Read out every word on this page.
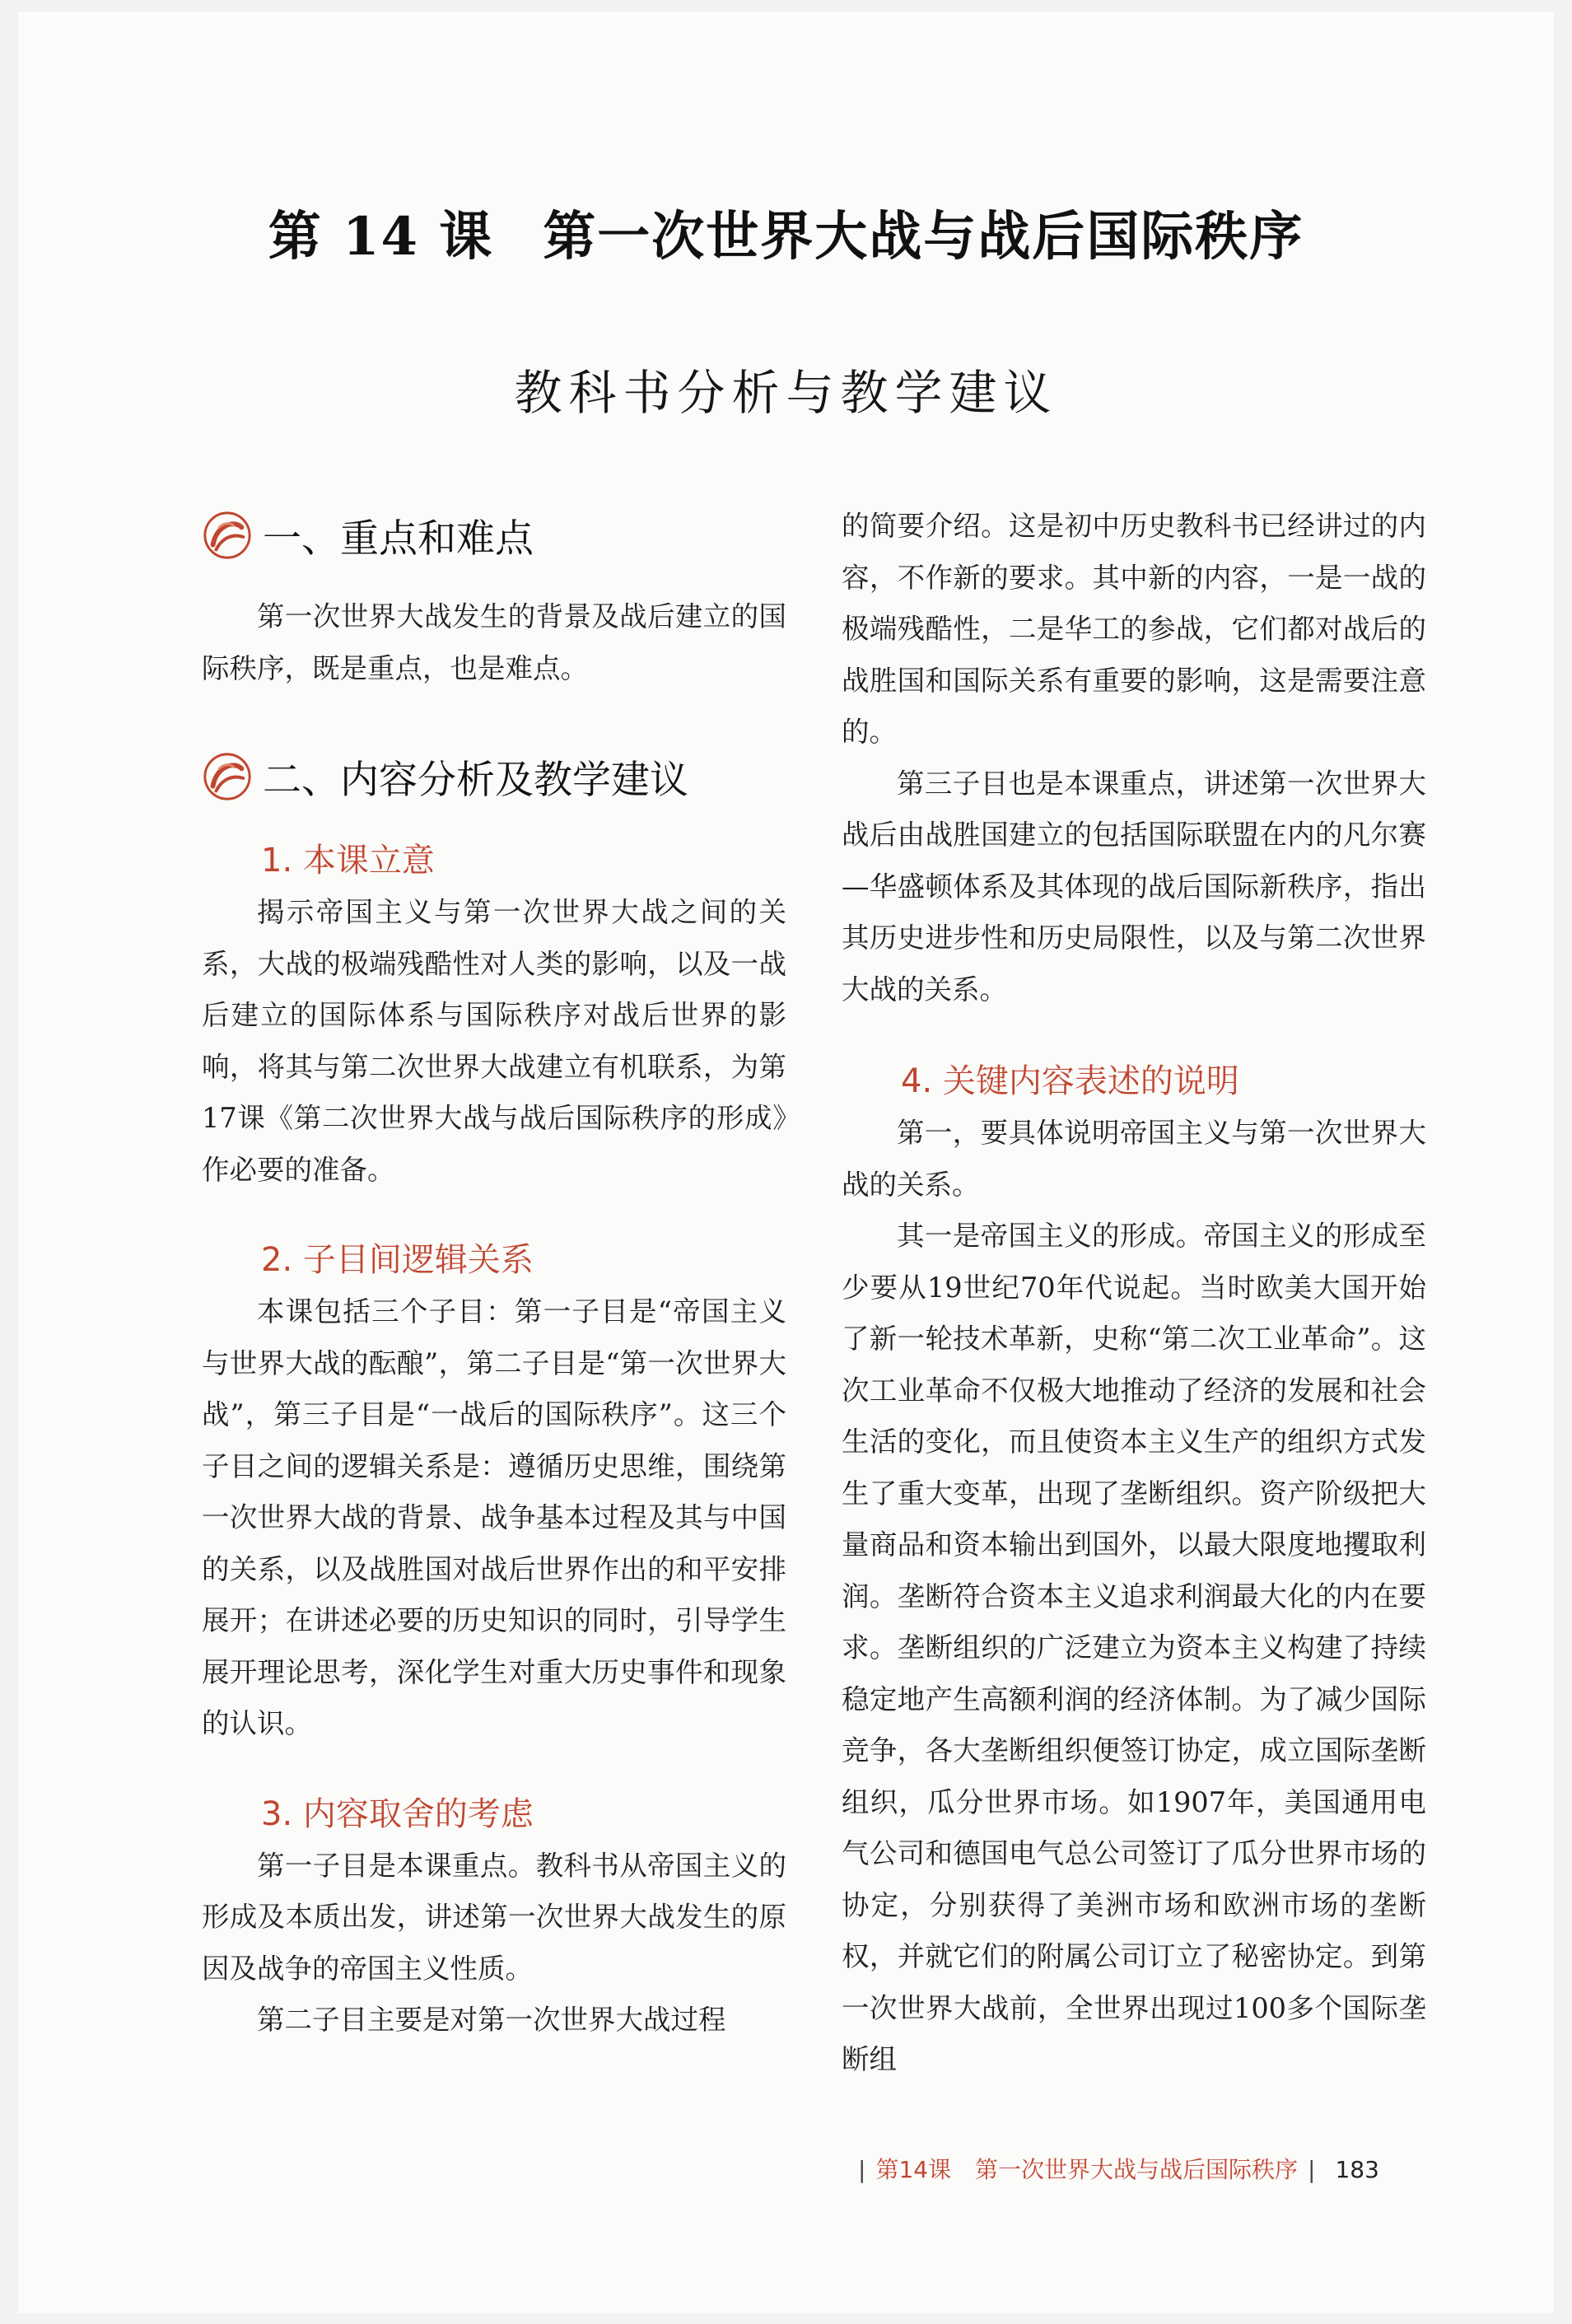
第 14 课 第一次世界大战与战后国际秩序
教科书分析与教学建议
一、重点和难点

第一次世界大战发生的背景及战后建立的国际秩序，既是重点，也是难点。

二、内容分析及教学建议
1. 本课立意

揭示帝国主义与第一次世界大战之间的关系，大战的极端残酷性对人类的影响，以及一战后建立的国际体系与国际秩序对战后世界的影响，将其与第二次世界大战建立有机联系，为第17课《第二次世界大战与战后国际秩序的形成》作必要的准备。

2. 子目间逻辑关系

本课包括三个子目：第一子目是“帝国主义与世界大战的酝酿”，第二子目是“第一次世界大战”，第三子目是“一战后的国际秩序”。这三个子目之间的逻辑关系是：遵循历史思维，围绕第一次世界大战的背景、战争基本过程及其与中国的关系，以及战胜国对战后世界作出的和平安排展开；在讲述必要的历史知识的同时，引导学生展开理论思考，深化学生对重大历史事件和现象的认识。

3. 内容取舍的考虑

第一子目是本课重点。教科书从帝国主义的形成及本质出发，讲述第一次世界大战发生的原因及战争的帝国主义性质。

第二子目主要是对第一次世界大战过程

的简要介绍。这是初中历史教科书已经讲过的内容，不作新的要求。其中新的内容，一是一战的极端残酷性，二是华工的参战，它们都对战后的战胜国和国际关系有重要的影响，这是需要注意的。

第三子目也是本课重点，讲述第一次世界大战后由战胜国建立的包括国际联盟在内的凡尔赛—华盛顿体系及其体现的战后国际新秩序，指出其历史进步性和历史局限性，以及与第二次世界大战的关系。

4. 关键内容表述的说明

第一，要具体说明帝国主义与第一次世界大战的关系。

其一是帝国主义的形成。帝国主义的形成至少要从19世纪70年代说起。当时欧美大国开始了新一轮技术革新，史称“第二次工业革命”。这次工业革命不仅极大地推动了经济的发展和社会生活的变化，而且使资本主义生产的组织方式发生了重大变革，出现了垄断组织。资产阶级把大量商品和资本输出到国外，以最大限度地攫取利润。垄断符合资本主义追求利润最大化的内在要求。垄断组织的广泛建立为资本主义构建了持续稳定地产生高额利润的经济体制。为了减少国际竞争，各大垄断组织便签订协定，成立国际垄断组织，瓜分世界市场。如1907年，美国通用电气公司和德国电气总公司签订了瓜分世界市场的协定，分别获得了美洲市场和欧洲市场的垄断权，并就它们的附属公司订立了秘密协定。到第一次世界大战前，全世界出现过100多个国际垄断组

| 第14课 第一次世界大战与战后国际秩序 | 183
